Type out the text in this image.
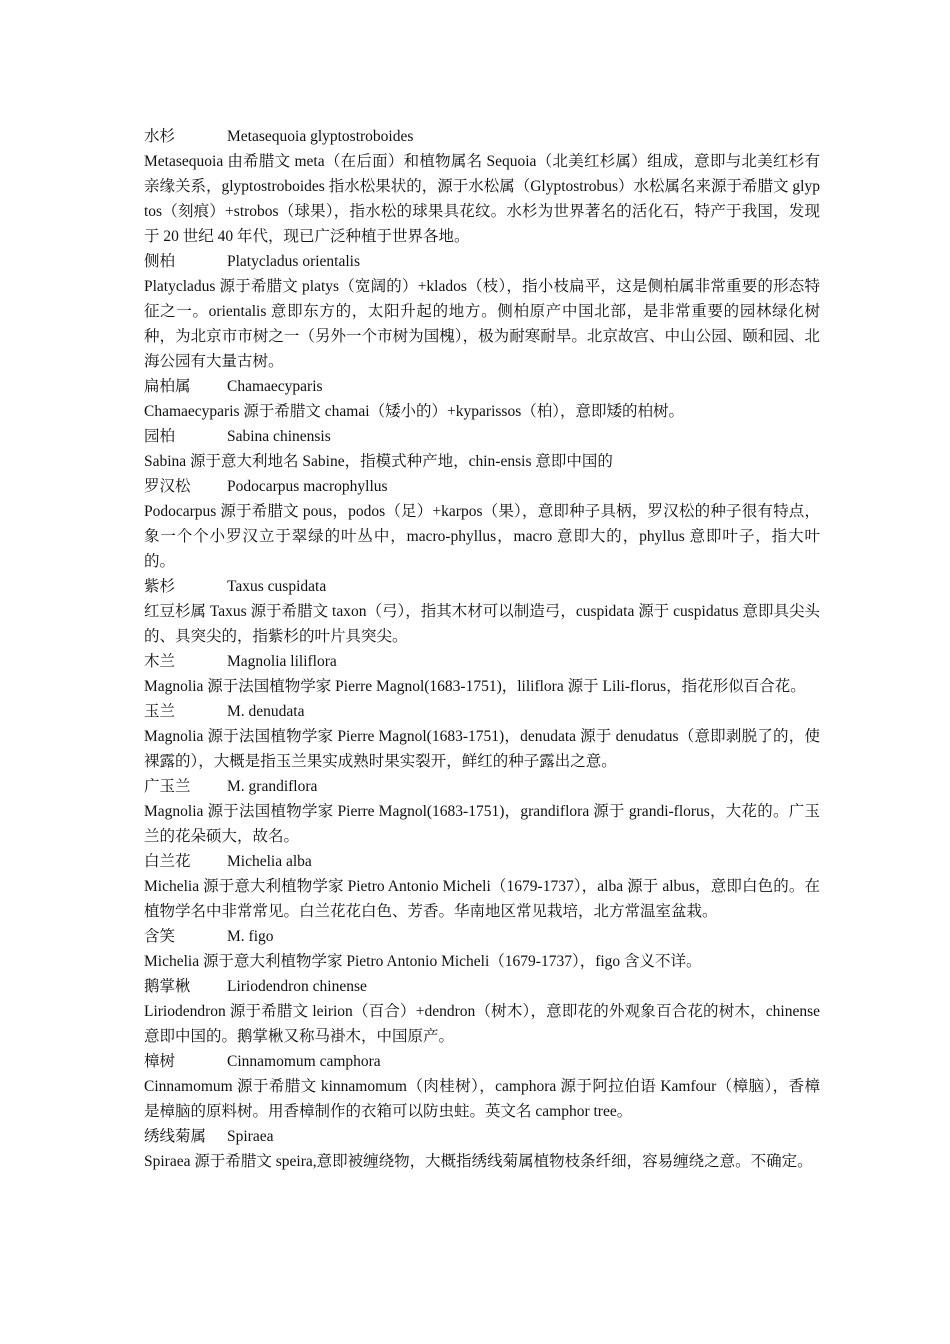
水杉	Metasequoia glyptostroboides
Metasequoia 由希腊文 meta（在后面）和植物属名 Sequoia（北美红杉属）组成，意即与北美红杉有亲缘关系，glyptostroboides 指水松果状的，源于水松属（Glyptostrobus）水松属名来源于希腊文 glyptos（刻痕）+strobos（球果），指水松的球果具花纹。水杉为世界著名的活化石，特产于我国，发现于 20 世纪 40 年代，现已广泛种植于世界各地。
侧柏	Platycladus orientalis
Platycladus 源于希腊文 platys（宽阔的）+klados（枝），指小枝扁平，这是侧柏属非常重要的形态特征之一。orientalis 意即东方的，太阳升起的地方。侧柏原产中国北部，是非常重要的园林绿化树种，为北京市市树之一（另外一个市树为国槐），极为耐寒耐旱。北京故宫、中山公园、颐和园、北海公园有大量古树。
扁柏属 Chamaecyparis
Chamaecyparis 源于希腊文 chamai（矮小的）+kyparissos（柏），意即矮的柏树。
园柏	Sabina chinensis
Sabina 源于意大利地名 Sabine，指模式种产地，chin-ensis 意即中国的
罗汉松 Podocarpus macrophyllus
Podocarpus 源于希腊文 pous，podos（足）+karpos（果），意即种子具柄，罗汉松的种子很有特点，象一个个小罗汉立于翠绿的叶丛中，macro-phyllus，macro 意即大的，phyllus 意即叶子，指大叶的。
紫杉	Taxus cuspidata
红豆杉属 Taxus 源于希腊文 taxon（弓），指其木材可以制造弓，cuspidata 源于 cuspidatus 意即具尖头的、具突尖的，指紫杉的叶片具突尖。
木兰	Magnolia liliflora
Magnolia 源于法国植物学家 Pierre Magnol(1683-1751)，liliflora 源于 Lili-florus，指花形似百合花。
玉兰	M. denudata
Magnolia 源于法国植物学家 Pierre Magnol(1683-1751)，denudata 源于 denudatus（意即剥脱了的，使裸露的），大概是指玉兰果实成熟时果实裂开，鲜红的种子露出之意。
广玉兰 M. grandiflora
Magnolia 源于法国植物学家 Pierre Magnol(1683-1751)，grandiflora 源于 grandi-florus，大花的。广玉兰的花朵硕大，故名。
白兰花 Michelia alba
Michelia 源于意大利植物学家 Pietro Antonio Micheli（1679-1737），alba 源于 albus，意即白色的。在植物学名中非常常见。白兰花花白色、芳香。华南地区常见栽培，北方常温室盆栽。
含笑	M. figo
Michelia 源于意大利植物学家 Pietro Antonio Micheli（1679-1737），figo 含义不详。
鹅掌楸 Liriodendron chinense
Liriodendron 源于希腊文 leirion（百合）+dendron（树木），意即花的外观象百合花的树木，chinense 意即中国的。鹅掌楸又称马褂木，中国原产。
樟树	Cinnamomum camphora
Cinnamomum 源于希腊文 kinnamomum（肉桂树），camphora 源于阿拉伯语 Kamfour（樟脑），香樟是樟脑的原料树。用香樟制作的衣箱可以防虫蛀。英文名 camphor tree。
绣线菊属 Spiraea
Spiraea 源于希腊文 speira,意即被缠绕物，大概指绣线菊属植物枝条纤细，容易缠绕之意。不确定。
